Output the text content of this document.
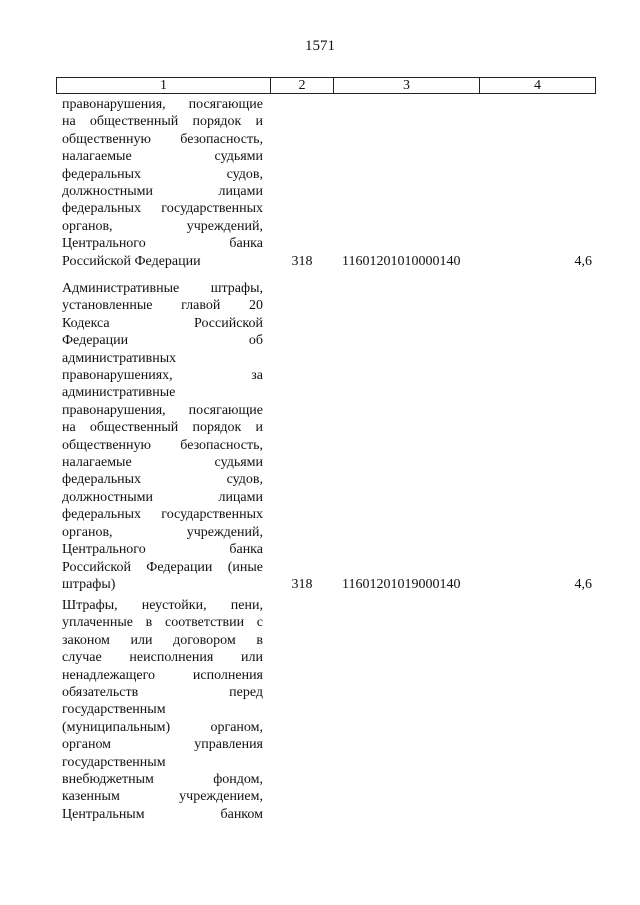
1571
1	2	3	4
правонарушения, посягающие
на общественный порядок и
общественную безопасность,
налагаемые судьями
федеральных судов,
должностными лицами
федеральных государственных
органов, учреждений,
Центрального банка
Российской Федерации	318	11601201010000140	4,6
Административные штрафы,
установленные главой 20
Кодекса Российской
Федерации об
административных
правонарушениях, за
административные
правонарушения, посягающие
на общественный порядок и
общественную безопасность,
налагаемые судьями
федеральных судов,
должностными лицами
федеральных государственных
органов, учреждений,
Центрального банка
Российской Федерации (иные
штрафы)	318	11601201019000140	4,6
Штрафы, неустойки, пени,
уплаченные в соответствии с
законом или договором в
случае неисполнения или
ненадлежащего исполнения
обязательств перед
государственным
(муниципальным) органом,
органом управления
государственным
внебюджетным фондом,
казенным учреждением,
Центральным банком
